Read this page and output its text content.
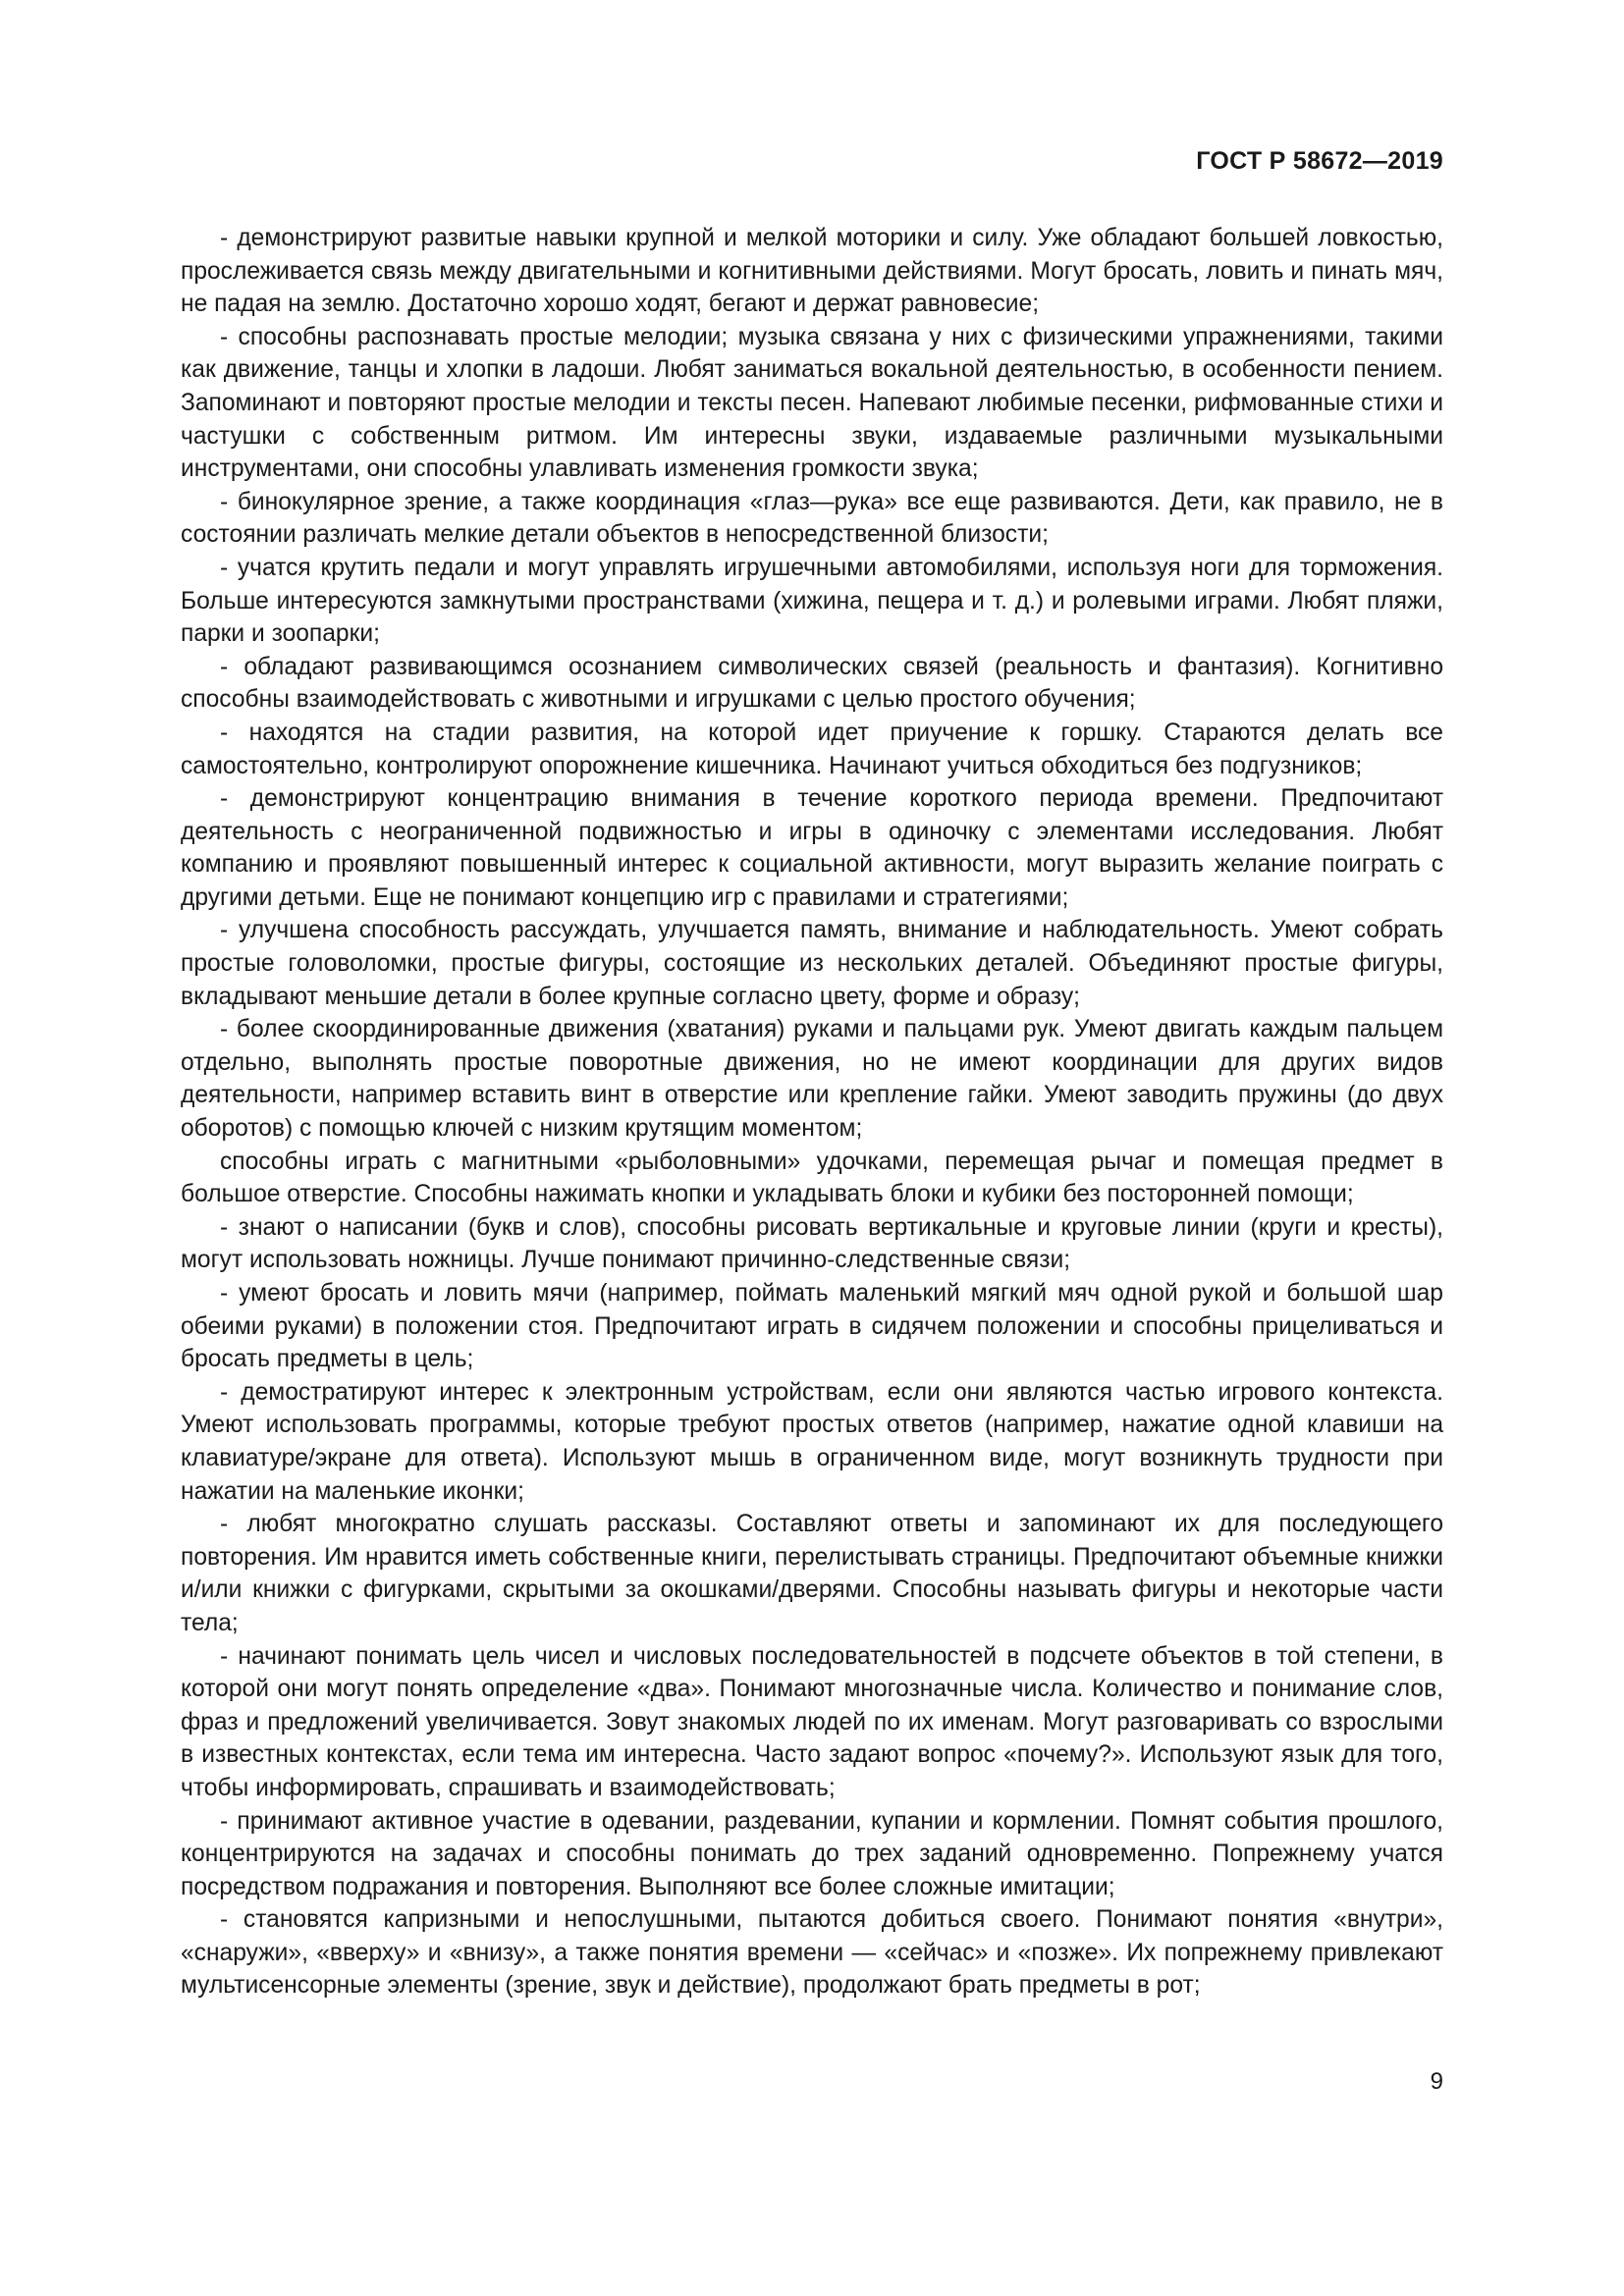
ГОСТ Р 58672—2019

- демонстрируют развитые навыки крупной и мелкой моторики и силу. Уже обладают большей ловкостью, прослеживается связь между двигательными и когнитивными действиями. Могут бросать, ловить и пинать мяч, не падая на землю. Достаточно хорошо ходят, бегают и держат равновесие;

- способны распознавать простые мелодии; музыка связана у них с физическими упражнениями, такими как движение, танцы и хлопки в ладоши. Любят заниматься вокальной деятельностью, в особенности пением. Запоминают и повторяют простые мелодии и тексты песен. Напевают любимые песенки, рифмованные стихи и частушки с собственным ритмом. Им интересны звуки, издаваемые различными музыкальными инструментами, они способны улавливать изменения громкости звука;

- бинокулярное зрение, а также координация «глаз—рука» все еще развиваются. Дети, как правило, не в состоянии различать мелкие детали объектов в непосредственной близости;

- учатся крутить педали и могут управлять игрушечными автомобилями, используя ноги для торможения. Больше интересуются замкнутыми пространствами (хижина, пещера и т. д.) и ролевыми играми. Любят пляжи, парки и зоопарки;

- обладают развивающимся осознанием символических связей (реальность и фантазия). Когнитивно способны взаимодействовать с животными и игрушками с целью простого обучения;

- находятся на стадии развития, на которой идет приучение к горшку. Стараются делать все самостоятельно, контролируют опорожнение кишечника. Начинают учиться обходиться без подгузников;

- демонстрируют концентрацию внимания в течение короткого периода времени. Предпочитают деятельность с неограниченной подвижностью и игры в одиночку с элементами исследования. Любят компанию и проявляют повышенный интерес к социальной активности, могут выразить желание поиграть с другими детьми. Еще не понимают концепцию игр с правилами и стратегиями;

- улучшена способность рассуждать, улучшается память, внимание и наблюдательность. Умеют собрать простые головоломки, простые фигуры, состоящие из нескольких деталей. Объединяют простые фигуры, вкладывают меньшие детали в более крупные согласно цвету, форме и образу;

- более скоординированные движения (хватания) руками и пальцами рук. Умеют двигать каждым пальцем отдельно, выполнять простые поворотные движения, но не имеют координации для других видов деятельности, например вставить винт в отверстие или крепление гайки. Умеют заводить пружины (до двух оборотов) с помощью ключей с низким крутящим моментом;

способны играть с магнитными «рыболовными» удочками, перемещая рычаг и помещая предмет в большое отверстие. Способны нажимать кнопки и укладывать блоки и кубики без посторонней помощи;

- знают о написании (букв и слов), способны рисовать вертикальные и круговые линии (круги и кресты), могут использовать ножницы. Лучше понимают причинно-следственные связи;

- умеют бросать и ловить мячи (например, поймать маленький мягкий мяч одной рукой и большой шар обеими руками) в положении стоя. Предпочитают играть в сидячем положении и способны прицеливаться и бросать предметы в цель;

- демостратируют интерес к электронным устройствам, если они являются частью игрового контекста. Умеют использовать программы, которые требуют простых ответов (например, нажатие одной клавиши на клавиатуре/экране для ответа). Используют мышь в ограниченном виде, могут возникнуть трудности при нажатии на маленькие иконки;

- любят многократно слушать рассказы. Составляют ответы и запоминают их для последующего повторения. Им нравится иметь собственные книги, перелистывать страницы. Предпочитают объемные книжки и/или книжки с фигурками, скрытыми за окошками/дверями. Способны называть фигуры и некоторые части тела;

- начинают понимать цель чисел и числовых последовательностей в подсчете объектов в той степени, в которой они могут понять определение «два». Понимают многозначные числа. Количество и понимание слов, фраз и предложений увеличивается. Зовут знакомых людей по их именам. Могут разговаривать со взрослыми в известных контекстах, если тема им интересна. Часто задают вопрос «почему?». Используют язык для того, чтобы информировать, спрашивать и взаимодействовать;

- принимают активное участие в одевании, раздевании, купании и кормлении. Помнят события прошлого, концентрируются на задачах и способны понимать до трех заданий одновременно. Попрежнему учатся посредством подражания и повторения. Выполняют все более сложные имитации;

- становятся капризными и непослушными, пытаются добиться своего. Понимают понятия «внутри», «снаружи», «вверху» и «внизу», а также понятия времени — «сейчас» и «позже». Их попрежнему привлекают мультисенсорные элементы (зрение, звук и действие), продолжают брать предметы в рот;

9
